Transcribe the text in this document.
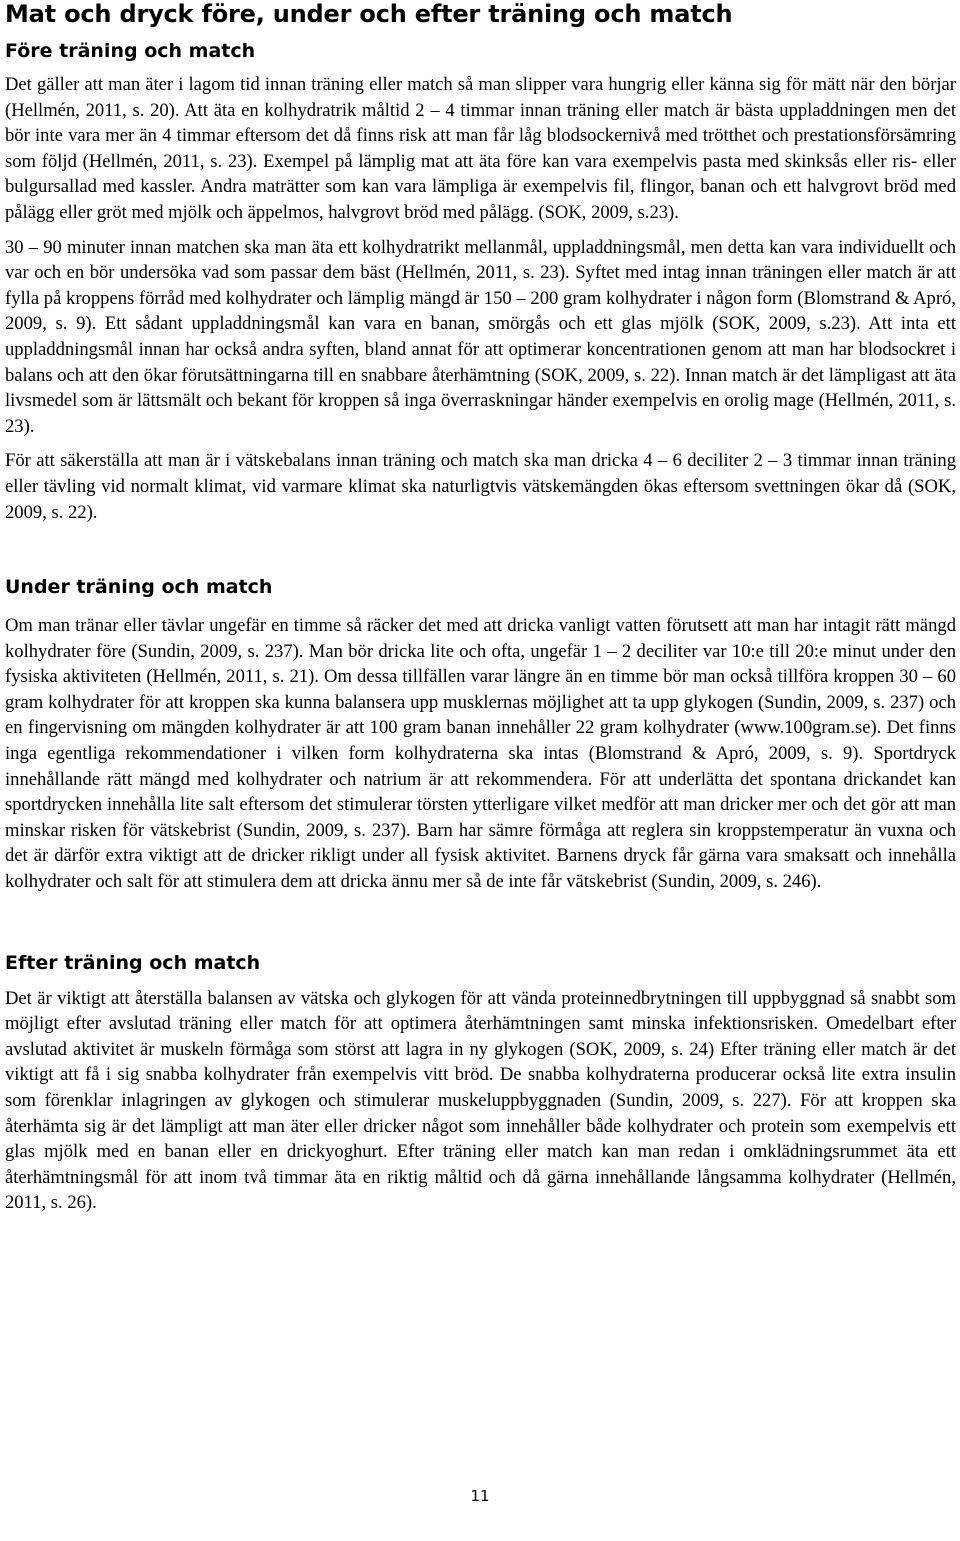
Mat och dryck före, under och efter träning och match
Före träning och match

Det gäller att man äter i lagom tid innan träning eller match så man slipper vara hungrig eller känna sig för mätt när den börjar (Hellmén, 2011, s. 20). Att äta en kolhydratrik måltid 2 – 4 timmar innan träning eller match är bästa uppladdningen men det bör inte vara mer än 4 timmar eftersom det då finns risk att man får låg blodsockernivå med trötthet och prestationsförsämring som följd (Hellmén, 2011, s. 23). Exempel på lämplig mat att äta före kan vara exempelvis pasta med skinksås eller ris- eller bulgursallad med kassler. Andra maträtter som kan vara lämpliga är exempelvis fil, flingor, banan och ett halvgrovt bröd med pålägg eller gröt med mjölk och äppelmos, halvgrovt bröd med pålägg. (SOK, 2009, s.23).

30 – 90 minuter innan matchen ska man äta ett kolhydratrikt mellanmål, uppladdningsmål, men detta kan vara individuellt och var och en bör undersöka vad som passar dem bäst (Hellmén, 2011, s. 23). Syftet med intag innan träningen eller match är att fylla på kroppens förråd med kolhydrater och lämplig mängd är 150 – 200 gram kolhydrater i någon form (Blomstrand & Apró, 2009, s. 9). Ett sådant uppladdningsmål kan vara en banan, smörgås och ett glas mjölk (SOK, 2009, s.23). Att inta ett uppladdningsmål innan har också andra syften, bland annat för att optimerar koncentrationen genom att man har blodsockret i balans och att den ökar förutsättningarna till en snabbare återhämtning (SOK, 2009, s. 22). Innan match är det lämpligast att äta livsmedel som är lättsmält och bekant för kroppen så inga överraskningar händer exempelvis en orolig mage (Hellmén, 2011, s. 23).

För att säkerställa att man är i vätskebalans innan träning och match ska man dricka 4 – 6 deciliter 2 – 3 timmar innan träning eller tävling vid normalt klimat, vid varmare klimat ska naturligtvis vätskemängden ökas eftersom svettningen ökar då (SOK, 2009, s. 22).

Under träning och match

Om man tränar eller tävlar ungefär en timme så räcker det med att dricka vanligt vatten förutsett att man har intagit rätt mängd kolhydrater före (Sundin, 2009, s. 237). Man bör dricka lite och ofta, ungefär 1 – 2 deciliter var 10:e till 20:e minut under den fysiska aktiviteten (Hellmén, 2011, s. 21). Om dessa tillfällen varar längre än en timme bör man också tillföra kroppen 30 – 60 gram kolhydrater för att kroppen ska kunna balansera upp musklernas möjlighet att ta upp glykogen (Sundin, 2009, s. 237) och en fingervisning om mängden kolhydrater är att 100 gram banan innehåller 22 gram kolhydrater (www.100gram.se). Det finns inga egentliga rekommendationer i vilken form kolhydraterna ska intas (Blomstrand & Apró, 2009, s. 9). Sportdryck innehållande rätt mängd med kolhydrater och natrium är att rekommendera. För att underlätta det spontana drickandet kan sportdrycken innehålla lite salt eftersom det stimulerar törsten ytterligare vilket medför att man dricker mer och det gör att man minskar risken för vätskebrist (Sundin, 2009, s. 237). Barn har sämre förmåga att reglera sin kroppstemperatur än vuxna och det är därför extra viktigt att de dricker rikligt under all fysisk aktivitet. Barnens dryck får gärna vara smaksatt och innehålla kolhydrater och salt för att stimulera dem att dricka ännu mer så de inte får vätskebrist (Sundin, 2009, s. 246).

Efter träning och match

Det är viktigt att återställa balansen av vätska och glykogen för att vända proteinnedbrytningen till uppbyggnad så snabbt som möjligt efter avslutad träning eller match för att optimera återhämtningen samt minska infektionsrisken. Omedelbart efter avslutad aktivitet är muskeln förmåga som störst att lagra in ny glykogen (SOK, 2009, s. 24) Efter träning eller match är det viktigt att få i sig snabba kolhydrater från exempelvis vitt bröd. De snabba kolhydraterna producerar också lite extra insulin som förenklar inlagringen av glykogen och stimulerar muskeluppbyggnaden (Sundin, 2009, s. 227). För att kroppen ska återhämta sig är det lämpligt att man äter eller dricker något som innehåller både kolhydrater och protein som exempelvis ett glas mjölk med en banan eller en drickyoghurt. Efter träning eller match kan man redan i omklädningsrummet äta ett återhämtningsmål för att inom två timmar äta en riktig måltid och då gärna innehållande långsamma kolhydrater (Hellmén, 2011, s. 26).

11
